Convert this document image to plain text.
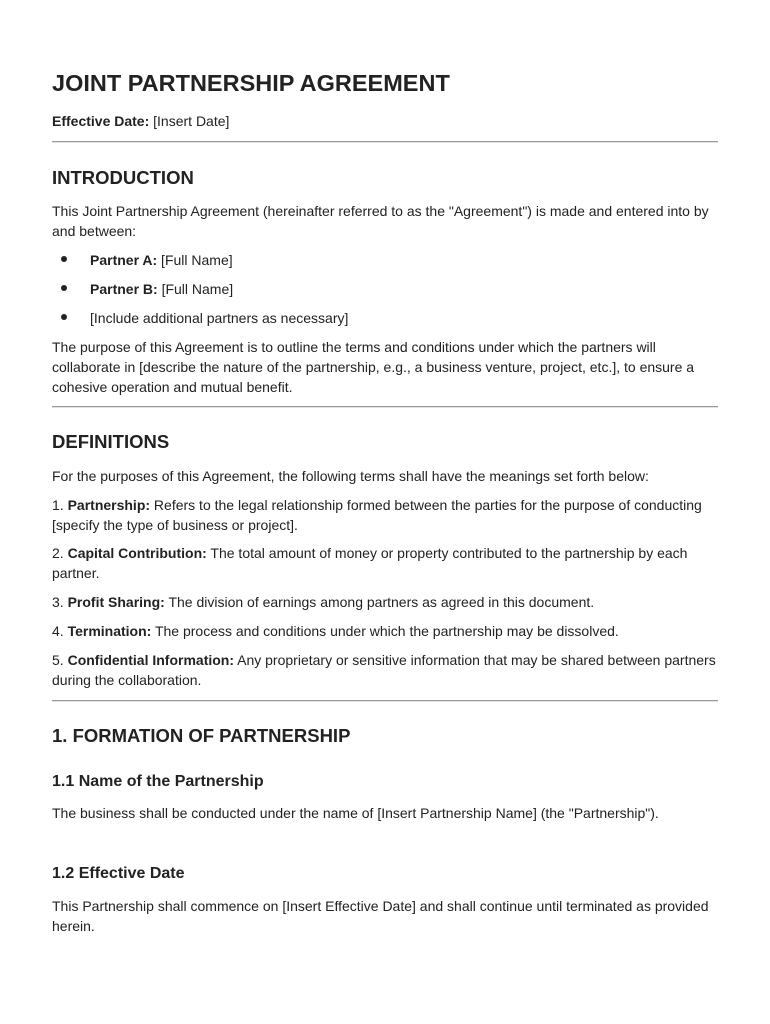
JOINT PARTNERSHIP AGREEMENT
Effective Date: [Insert Date]
INTRODUCTION

This Joint Partnership Agreement (hereinafter referred to as the "Agreement") is made and entered into by and between:

Partner A: [Full Name]
Partner B: [Full Name]
[Include additional partners as necessary]

The purpose of this Agreement is to outline the terms and conditions under which the partners will collaborate in [describe the nature of the partnership, e.g., a business venture, project, etc.], to ensure a cohesive operation and mutual benefit.

DEFINITIONS

For the purposes of this Agreement, the following terms shall have the meanings set forth below:

1. Partnership: Refers to the legal relationship formed between the parties for the purpose of conducting [specify the type of business or project].

2. Capital Contribution: The total amount of money or property contributed to the partnership by each partner.

3. Profit Sharing: The division of earnings among partners as agreed in this document.

4. Termination: The process and conditions under which the partnership may be dissolved.

5. Confidential Information: Any proprietary or sensitive information that may be shared between partners during the collaboration.

1. FORMATION OF PARTNERSHIP
1.1 Name of the Partnership

The business shall be conducted under the name of [Insert Partnership Name] (the "Partnership").

1.2 Effective Date

This Partnership shall commence on [Insert Effective Date] and shall continue until terminated as provided herein.
